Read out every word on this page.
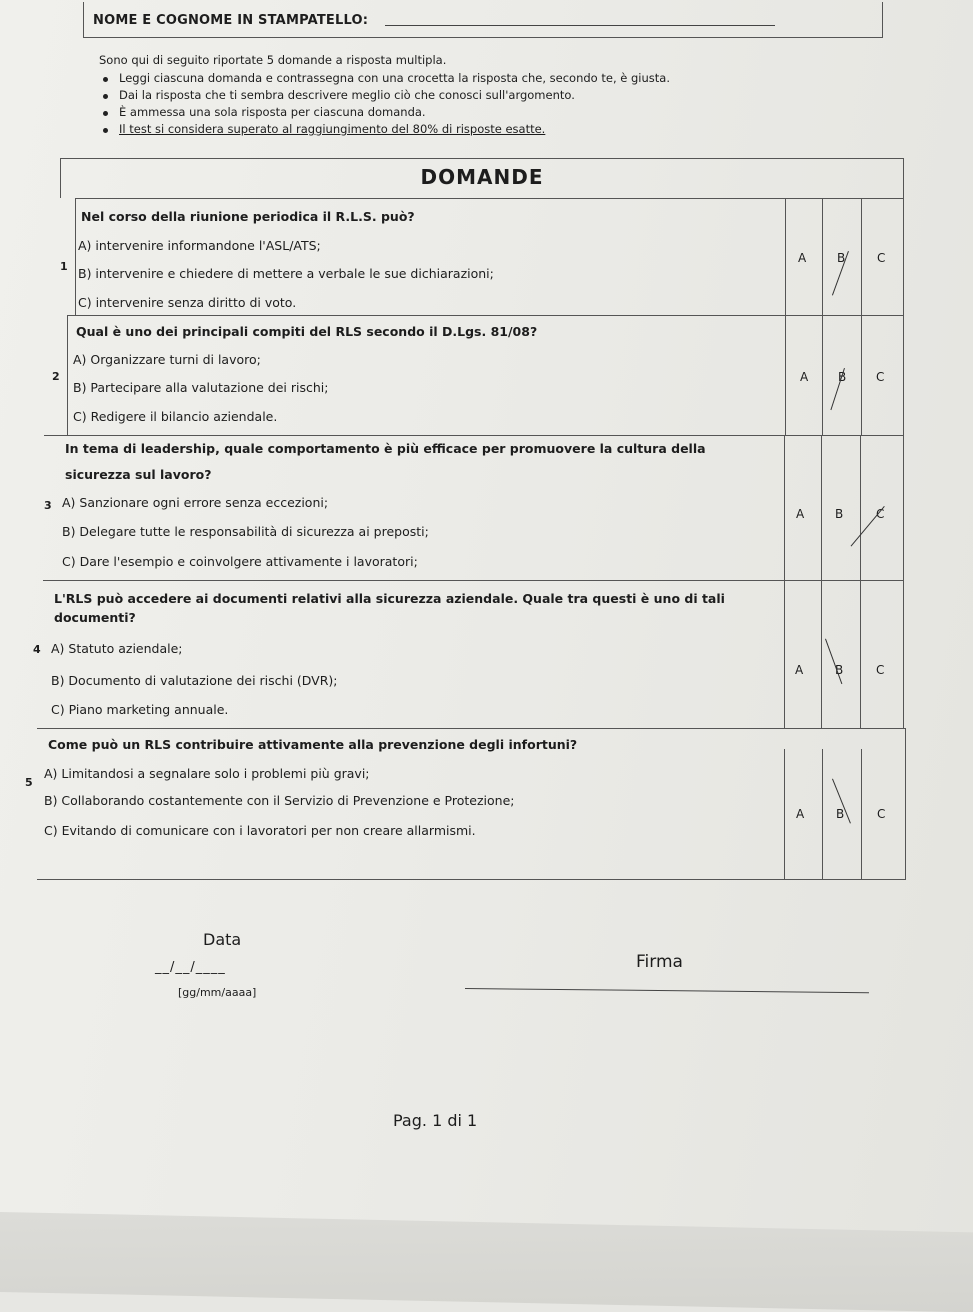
NOME E COGNOME IN STAMPATELLO:
Sono qui di seguito riportate 5 domande a risposta multipla.
Leggi ciascuna domanda e contrassegna con una crocetta la risposta che, secondo te, è giusta.
Dai la risposta che ti sembra descrivere meglio ciò che conosci sull'argomento.
È ammessa una sola risposta per ciascuna domanda.
Il test si considera superato al raggiungimento del 80% di risposte esatte.
DOMANDE
Nel corso della riunione periodica il R.L.S. può?
A) intervenire informandone l'ASL/ATS;
B) intervenire e chiedere di mettere a verbale le sue dichiarazioni;
C) intervenire senza diritto di voto.
A	B	C
1
Qual è uno dei principali compiti del RLS secondo il D.Lgs. 81/08?
A) Organizzare turni di lavoro;
B) Partecipare alla valutazione dei rischi;
C) Redigere il bilancio aziendale.
A B C
2
In tema di leadership, quale comportamento è più efficace per promuovere la cultura della
sicurezza sul lavoro?
A) Sanzionare ogni errore senza eccezioni;
B) Delegare tutte le responsabilità di sicurezza ai preposti;
C) Dare l'esempio e coinvolgere attivamente i lavoratori;
A	B	C
3
L'RLS può accedere ai documenti relativi alla sicurezza aziendale. Quale tra questi è uno di tali
documenti?
A) Statuto aziendale;
B) Documento di valutazione dei rischi (DVR);
C) Piano marketing annuale.
A	B	C
4
Come può un RLS contribuire attivamente alla prevenzione degli infortuni?
A) Limitandosi a segnalare solo i problemi più gravi;
B) Collaborando costantemente con il Servizio di Prevenzione e Protezione;
C) Evitando di comunicare con i lavoratori per non creare allarmismi.
A	B	C
5
Data
__/__/____
[gg/mm/aaaa]
Firma
Pag. 1 di 1
